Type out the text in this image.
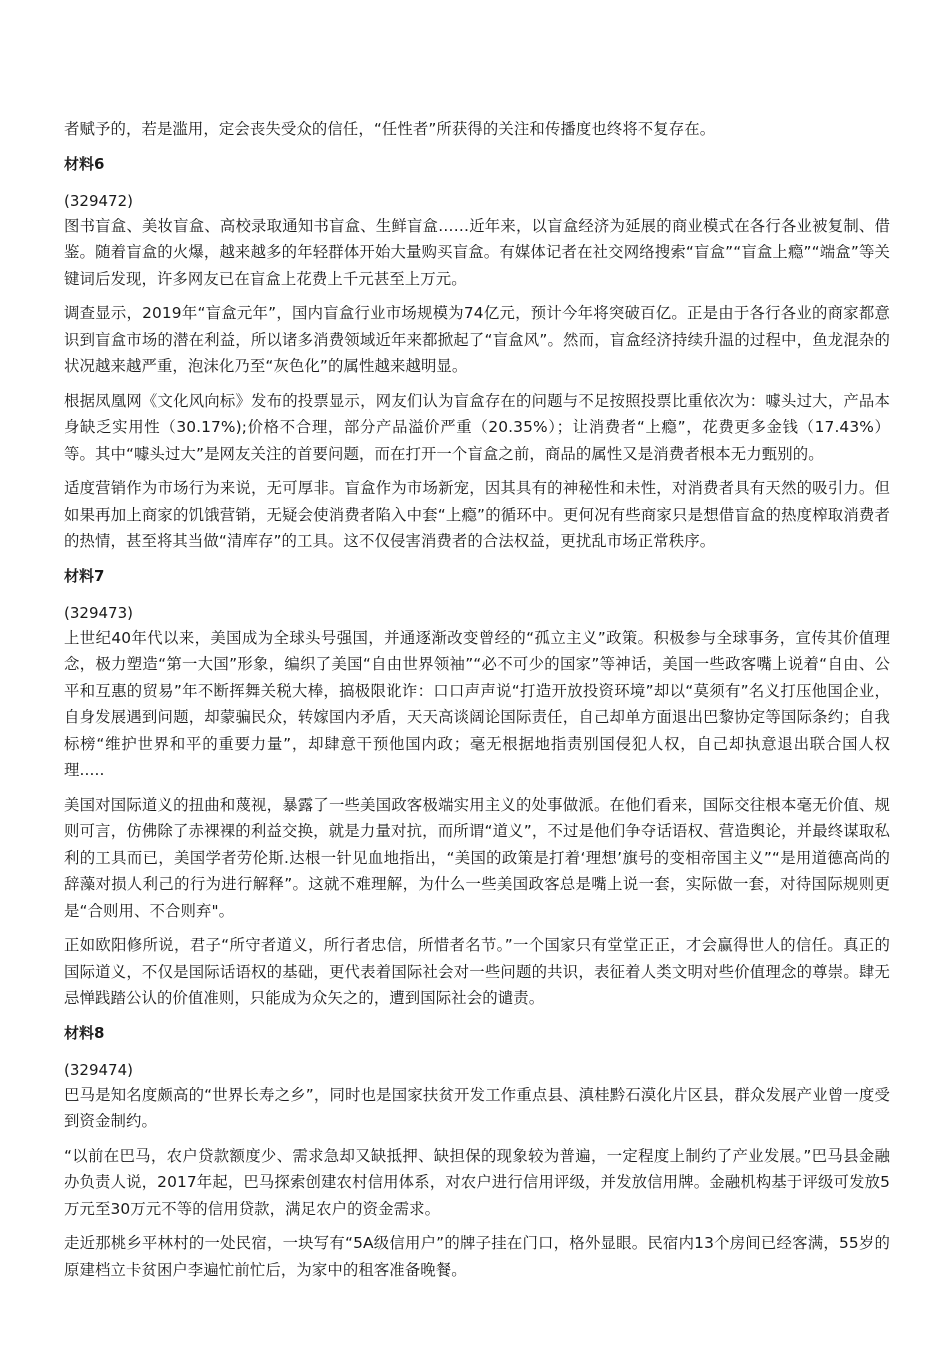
者赋予的，若是滥用，定会丧失受众的信任，“任性者”所获得的关注和传播度也终将不复存在。

材料6
(329472)

图书盲盒、美妆盲盒、高校录取通知书盲盒、生鲜盲盒……近年来，以盲盒经济为延展的商业模式在各行各业被复制、借鉴。随着盲盒的火爆，越来越多的年轻群体开始大量购买盲盒。有媒体记者在社交网络搜索“盲盒”“盲盒上瘾”“端盒”等关键词后发现，许多网友已在盲盒上花费上千元甚至上万元。

调查显示，2019年“盲盒元年”，国内盲盒行业市场规模为74亿元，预计今年将突破百亿。正是由于各行各业的商家都意识到盲盒市场的潜在利益，所以诸多消费领域近年来都掀起了“盲盒风”。然而，盲盒经济持续升温的过程中，鱼龙混杂的状况越来越严重，泡沫化乃至“灰色化”的属性越来越明显。

根据凤凰网《文化风向标》发布的投票显示，网友们认为盲盒存在的问题与不足按照投票比重依次为：噱头过大，产品本身缺乏实用性（30.17%);价格不合理，部分产品溢价严重（20.35%）；让消费者“上瘾”，花费更多金钱（17.43%）等。其中“噱头过大”是网友关注的首要问题，而在打开一个盲盒之前，商品的属性又是消费者根本无力甄别的。

适度营销作为市场行为来说，无可厚非。盲盒作为市场新宠，因其具有的神秘性和未性，对消费者具有天然的吸引力。但如果再加上商家的饥饿营销，无疑会使消费者陷入中套“上瘾”的循环中。更何况有些商家只是想借盲盒的热度榨取消费者的热情，甚至将其当做“清库存”的工具。这不仅侵害消费者的合法权益，更扰乱市场正常秩序。

材料7
(329473)

上世纪40年代以来，美国成为全球头号强国，并通逐渐改变曾经的“孤立主义”政策。积极参与全球事务，宣传其价值理念，极力塑造“第一大国”形象，编织了美国“自由世界领袖”“必不可少的国家”等神话，美国一些政客嘴上说着“自由、公平和互惠的贸易”年不断挥舞关税大棒，搞极限讹诈：口口声声说“打造开放投资环境”却以“莫须有”名义打压他国企业，自身发展遇到问题，却蒙骗民众，转嫁国内矛盾，天天高谈阔论国际责任，自己却单方面退出巴黎协定等国际条约；自我标榜“维护世界和平的重要力量”，却肆意干预他国内政；毫无根据地指责别国侵犯人权，自己却执意退出联合国人权理.....

美国对国际道义的扭曲和蔑视，暴露了一些美国政客极端实用主义的处事做派。在他们看来，国际交往根本毫无价值、规则可言，仿佛除了赤裸裸的利益交换，就是力量对抗，而所谓“道义”，不过是他们争夺话语权、营造舆论，并最终谋取私利的工具而已，美国学者劳伦斯.达根一针见血地指出，“美国的政策是打着‘理想’旗号的变相帝国主义”“是用道德高尚的辞藻对损人利己的行为进行解释”。这就不难理解，为什么一些美国政客总是嘴上说一套，实际做一套，对待国际规则更是“合则用、不合则弃"。

正如欧阳修所说，君子“所守者道义，所行者忠信，所惜者名节。”一个国家只有堂堂正正，才会赢得世人的信任。真正的国际道义，不仅是国际话语权的基础，更代表着国际社会对一些问题的共识，表征着人类文明对些价值理念的尊崇。肆无忌惮践踏公认的价值准则，只能成为众矢之的，遭到国际社会的谴责。

材料8
(329474)

巴马是知名度颇高的“世界长寿之乡”，同时也是国家扶贫开发工作重点县、滇桂黔石漠化片区县，群众发展产业曾一度受到资金制约。

“以前在巴马，农户贷款额度少、需求急却又缺抵押、缺担保的现象较为普遍，一定程度上制约了产业发展。”巴马县金融办负责人说，2017年起，巴马探索创建农村信用体系，对农户进行信用评级，并发放信用牌。金融机构基于评级可发放5万元至30万元不等的信用贷款，满足农户的资金需求。

走近那桃乡平林村的一处民宿，一块写有“5A级信用户”的牌子挂在门口，格外显眼。民宿内13个房间已经客满，55岁的原建档立卡贫困户李遍忙前忙后，为家中的租客准备晚餐。
